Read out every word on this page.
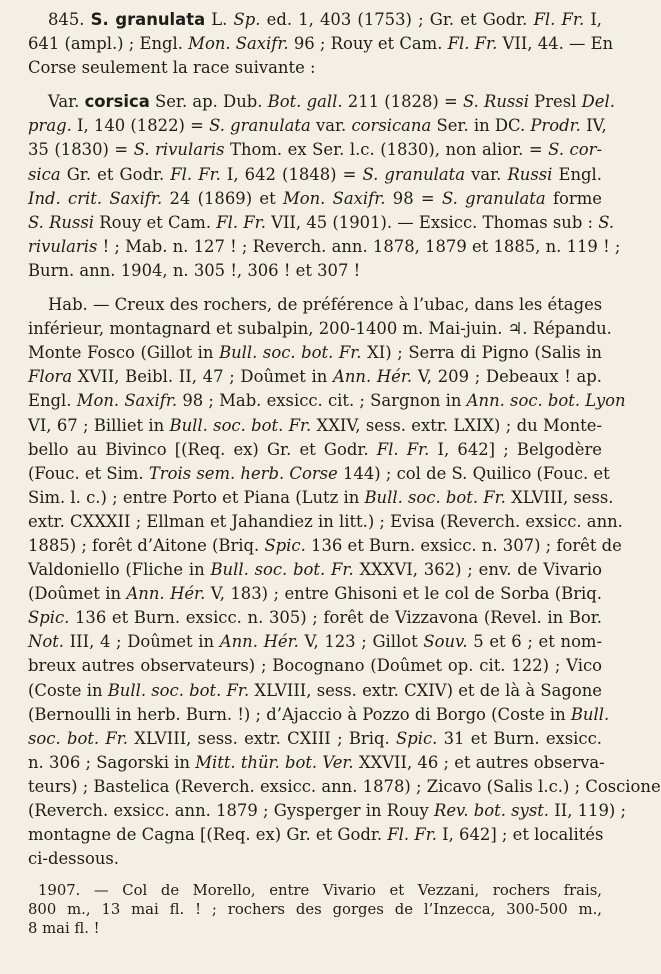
845. S. granulata L. Sp. ed. 1, 403 (1753) ; Gr. et Godr. Fl. Fr. I,
641 (ampl.) ; Engl. Mon. Saxifr. 96 ; Rouy et Cam. Fl. Fr. VII, 44. — En
Corse seulement la race suivante :
Var. corsica Ser. ap. Dub. Bot. gall. 211 (1828) = S. Russi Presl Del.
prag. I, 140 (1822) = S. granulata var. corsicana Ser. in DC. Prodr. IV,
35 (1830) = S. rivularis Thom. ex Ser. l.c. (1830), non alior. = S. cor-
sica Gr. et Godr. Fl. Fr. I, 642 (1848) = S. granulata var. Russi Engl.
Ind. crit. Saxifr. 24 (1869) et Mon. Saxifr. 98 = S. granulata forme
S. Russi Rouy et Cam. Fl. Fr. VII, 45 (1901). — Exsicc. Thomas sub : S.
rivularis ! ; Mab. n. 127 ! ; Reverch. ann. 1878, 1879 et 1885, n. 119 ! ;
Burn. ann. 1904, n. 305 !, 306 ! et 307 !
Hab. — Creux des rochers, de préférence à l’ubac, dans les étages
inférieur, montagnard et subalpin, 200-1400 m. Mai-juin. ♃. Répandu.
Monte Fosco (Gillot in Bull. soc. bot. Fr. XI) ; Serra di Pigno (Salis in
Flora XVII, Beibl. II, 47 ; Doûmet in Ann. Hér. V, 209 ; Debeaux ! ap.
Engl. Mon. Saxifr. 98 ; Mab. exsicc. cit. ; Sargnon in Ann. soc. bot. Lyon
VI, 67 ; Billiet in Bull. soc. bot. Fr. XXIV, sess. extr. LXIX) ; du Monte-
bello au Bivinco [(Req. ex) Gr. et Godr. Fl. Fr. I, 642] ; Belgodère
(Fouc. et Sim. Trois sem. herb. Corse 144) ; col de S. Quilico (Fouc. et
Sim. l. c.) ; entre Porto et Piana (Lutz in Bull. soc. bot. Fr. XLVIII, sess.
extr. CXXXII ; Ellman et Jahandiez in litt.) ; Evisa (Reverch. exsicc. ann.
1885) ; forêt d’Aitone (Briq. Spic. 136 et Burn. exsicc. n. 307) ; forêt de
Valdoniello (Fliche in Bull. soc. bot. Fr. XXXVI, 362) ; env. de Vivario
(Doûmet in Ann. Hér. V, 183) ; entre Ghisoni et le col de Sorba (Briq.
Spic. 136 et Burn. exsicc. n. 305) ; forêt de Vizzavona (Revel. in Bor.
Not. III, 4 ; Doûmet in Ann. Hér. V, 123 ; Gillot Souv. 5 et 6 ; et nom-
breux autres observateurs) ; Bocognano (Doûmet op. cit. 122) ; Vico
(Coste in Bull. soc. bot. Fr. XLVIII, sess. extr. CXIV) et de là à Sagone
(Bernoulli in herb. Burn. !) ; d’Ajaccio à Pozzo di Borgo (Coste in Bull.
soc. bot. Fr. XLVIII, sess. extr. CXIII ; Briq. Spic. 31 et Burn. exsicc.
n. 306 ; Sagorski in Mitt. thür. bot. Ver. XXVII, 46 ; et autres observa-
teurs) ; Bastelica (Reverch. exsicc. ann. 1878) ; Zicavo (Salis l.c.) ; Coscione
(Reverch. exsicc. ann. 1879 ; Gysperger in Rouy Rev. bot. syst. II, 119) ;
montagne de Cagna [(Req. ex) Gr. et Godr. Fl. Fr. I, 642] ; et localités
ci-dessous.
1907. — Col de Morello, entre Vivario et Vezzani, rochers frais,
800 m., 13 mai fl. ! ; rochers des gorges de l’Inzecca, 300-500 m.,
8 mai fl. !
